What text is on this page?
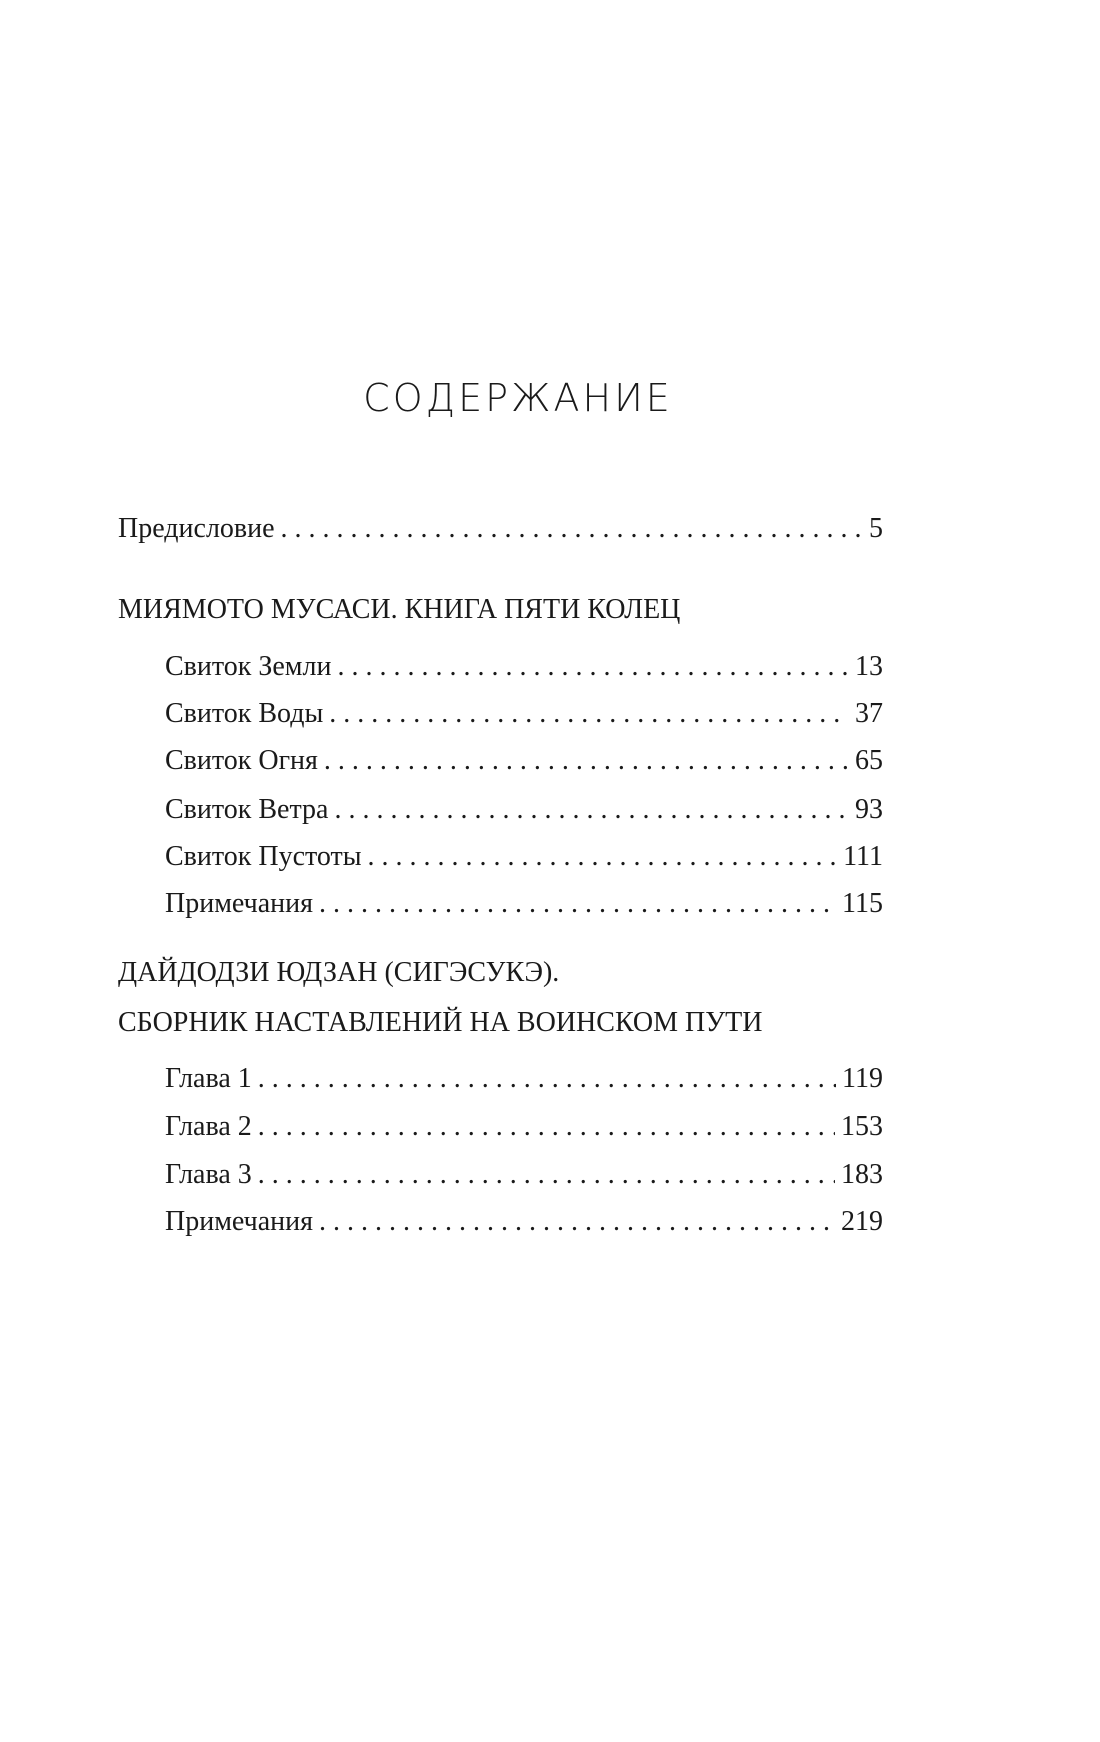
СОДЕРЖАНИЕ
Предисловие . . .	5
МИЯМОТО МУСАСИ. КНИГА ПЯТИ КОЛЕЦ
Свиток Земли . . .	13
Свиток Воды . . .	37
Свиток Огня . . .	65
Свиток Ветра . . .	93
Свиток Пустоты . . .	111
Примечания . . .	115
ДАЙДОДЗИ ЮДЗАН (СИГЭСУКЭ).
СБОРНИК НАСТАВЛЕНИЙ НА ВОИНСКОМ ПУТИ
Глава 1 . . .	119
Глава 2 . . .	153
Глава 3 . . .	183
Примечания . . .	219
